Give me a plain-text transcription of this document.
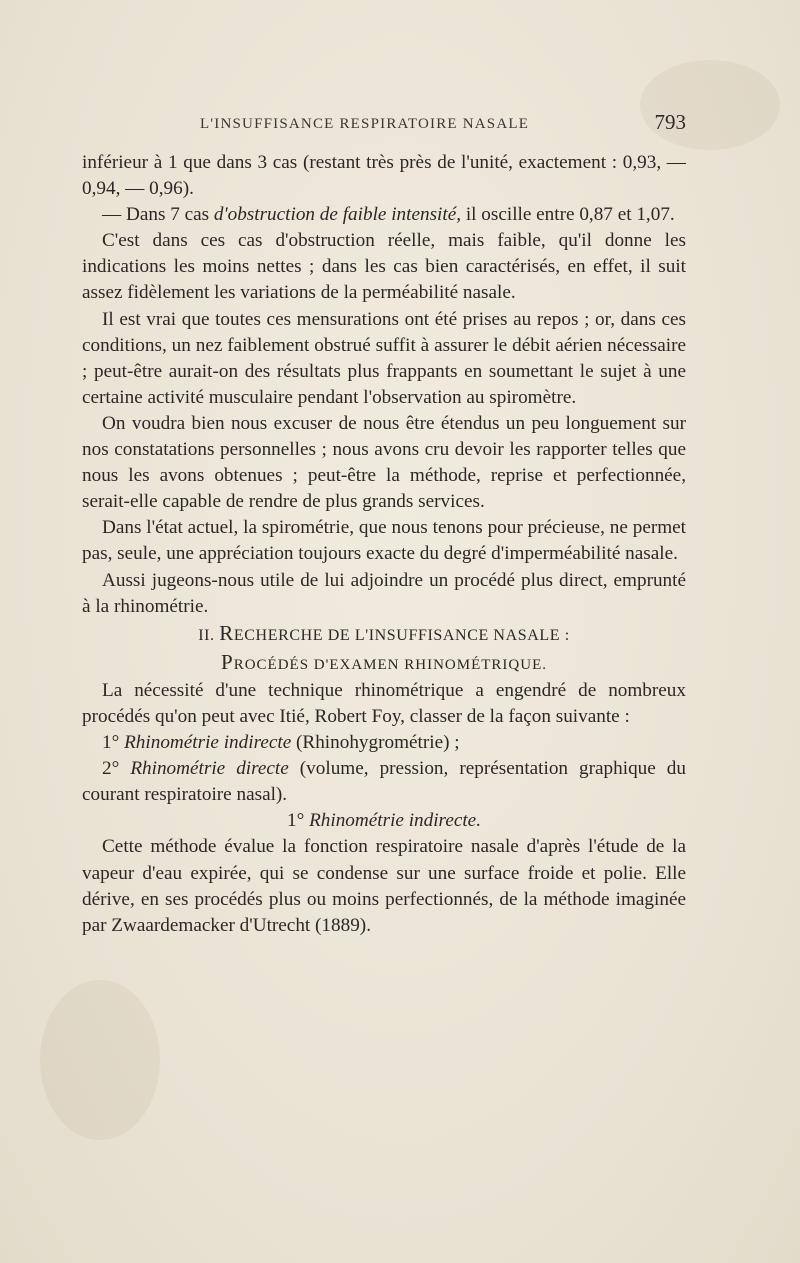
L'INSUFFISANCE RESPIRATOIRE NASALE	793

inférieur à 1 que dans 3 cas (restant très près de l'unité, exactement : 0,93, — 0,94, — 0,96).

— Dans 7 cas d'obstruction de faible intensité, il oscille entre 0,87 et 1,07.

C'est dans ces cas d'obstruction réelle, mais faible, qu'il donne les indications les moins nettes ; dans les cas bien caractérisés, en effet, il suit assez fidèlement les variations de la perméabilité nasale.

Il est vrai que toutes ces mensurations ont été prises au repos ; or, dans ces conditions, un nez faiblement obstrué suffit à assurer le débit aérien nécessaire ; peut-être aurait-on des résultats plus frappants en soumettant le sujet à une certaine activité musculaire pendant l'observation au spiromètre.

On voudra bien nous excuser de nous être étendus un peu longuement sur nos constatations personnelles ; nous avons cru devoir les rapporter telles que nous les avons obtenues ; peut-être la méthode, reprise et perfectionnée, serait-elle capable de rendre de plus grands services.

Dans l'état actuel, la spirométrie, que nous tenons pour précieuse, ne permet pas, seule, une appréciation toujours exacte du degré d'imperméabilité nasale.

Aussi jugeons-nous utile de lui adjoindre un procédé plus direct, emprunté à la rhinométrie.

II. RECHERCHE DE L'INSUFFISANCE NASALE :

PROCÉDÉS D'EXAMEN RHINOMÉTRIQUE.

La nécessité d'une technique rhinométrique a engendré de nombreux procédés qu'on peut avec Itié, Robert Foy, classer de la façon suivante :

1° Rhinométrie indirecte (Rhinohygrométrie) ;

2° Rhinométrie directe (volume, pression, représentation graphique du courant respiratoire nasal).

1° Rhinométrie indirecte.

Cette méthode évalue la fonction respiratoire nasale d'après l'étude de la vapeur d'eau expirée, qui se condense sur une surface froide et polie. Elle dérive, en ses procédés plus ou moins perfectionnés, de la méthode imaginée par Zwaardemacker d'Utrecht (1889).
